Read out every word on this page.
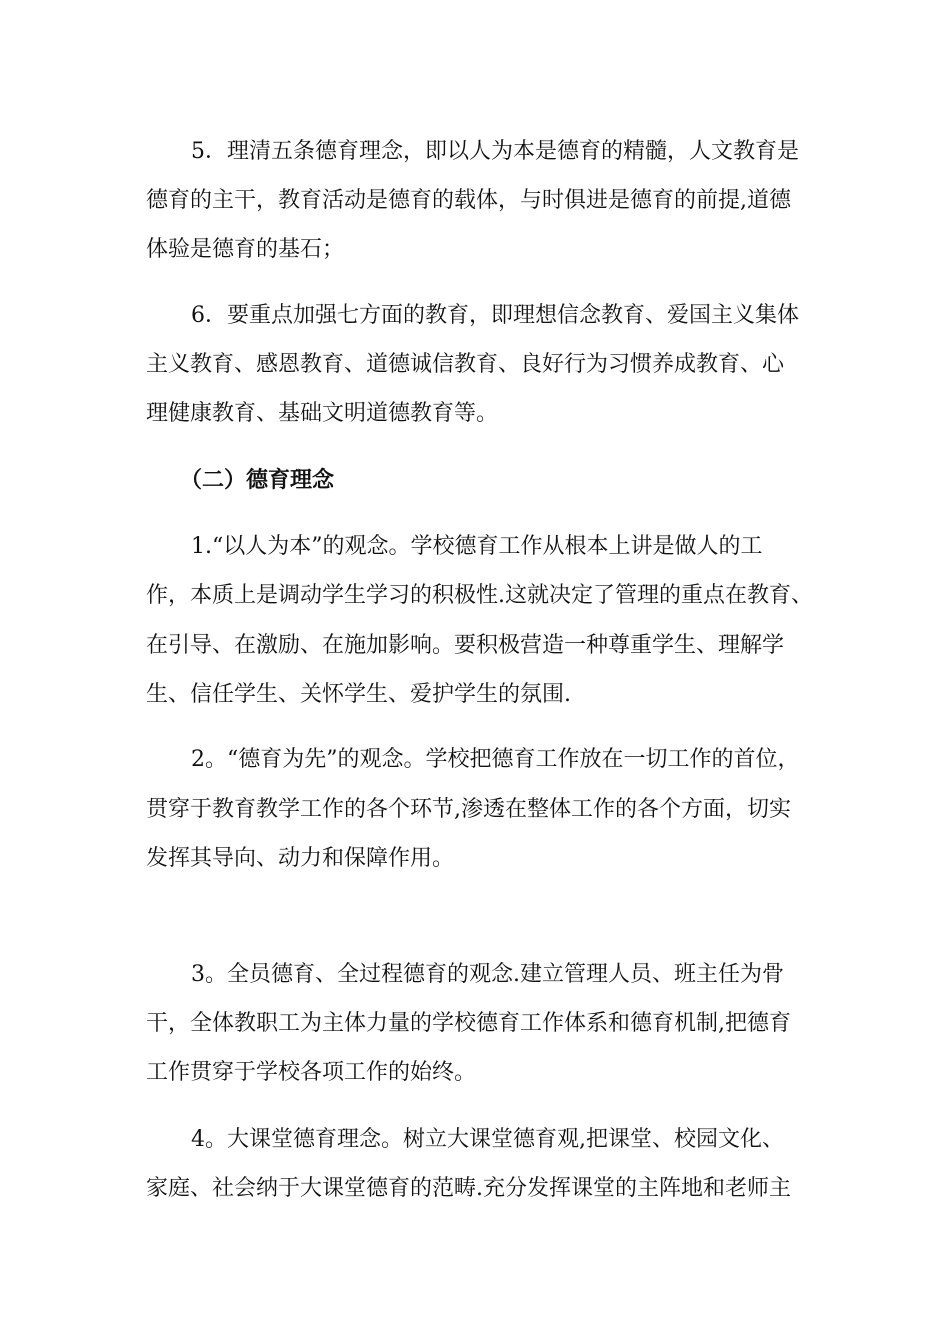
5．理清五条德育理念，即以人为本是德育的精髓，人文教育是
德育的主干，教育活动是德育的载体，与时俱进是德育的前提,道德
体验是德育的基石；
6．要重点加强七方面的教育，即理想信念教育、爱国主义集体
主义教育、感恩教育、道德诚信教育、良好行为习惯养成教育、心
理健康教育、基础文明道德教育等。
（二）德育理念
1.“以人为本”的观念。学校德育工作从根本上讲是做人的工
作，本质上是调动学生学习的积极性.这就决定了管理的重点在教育、
在引导、在激励、在施加影响。要积极营造一种尊重学生、理解学
生、信任学生、关怀学生、爱护学生的氛围.
2。“德育为先”的观念。学校把德育工作放在一切工作的首位，
贯穿于教育教学工作的各个环节,渗透在整体工作的各个方面，切实
发挥其导向、动力和保障作用。
3。全员德育、全过程德育的观念.建立管理人员、班主任为骨
干，全体教职工为主体力量的学校德育工作体系和德育机制,把德育
工作贯穿于学校各项工作的始终。
4。大课堂德育理念。树立大课堂德育观,把课堂、校园文化、
家庭、社会纳于大课堂德育的范畴.充分发挥课堂的主阵地和老师主
